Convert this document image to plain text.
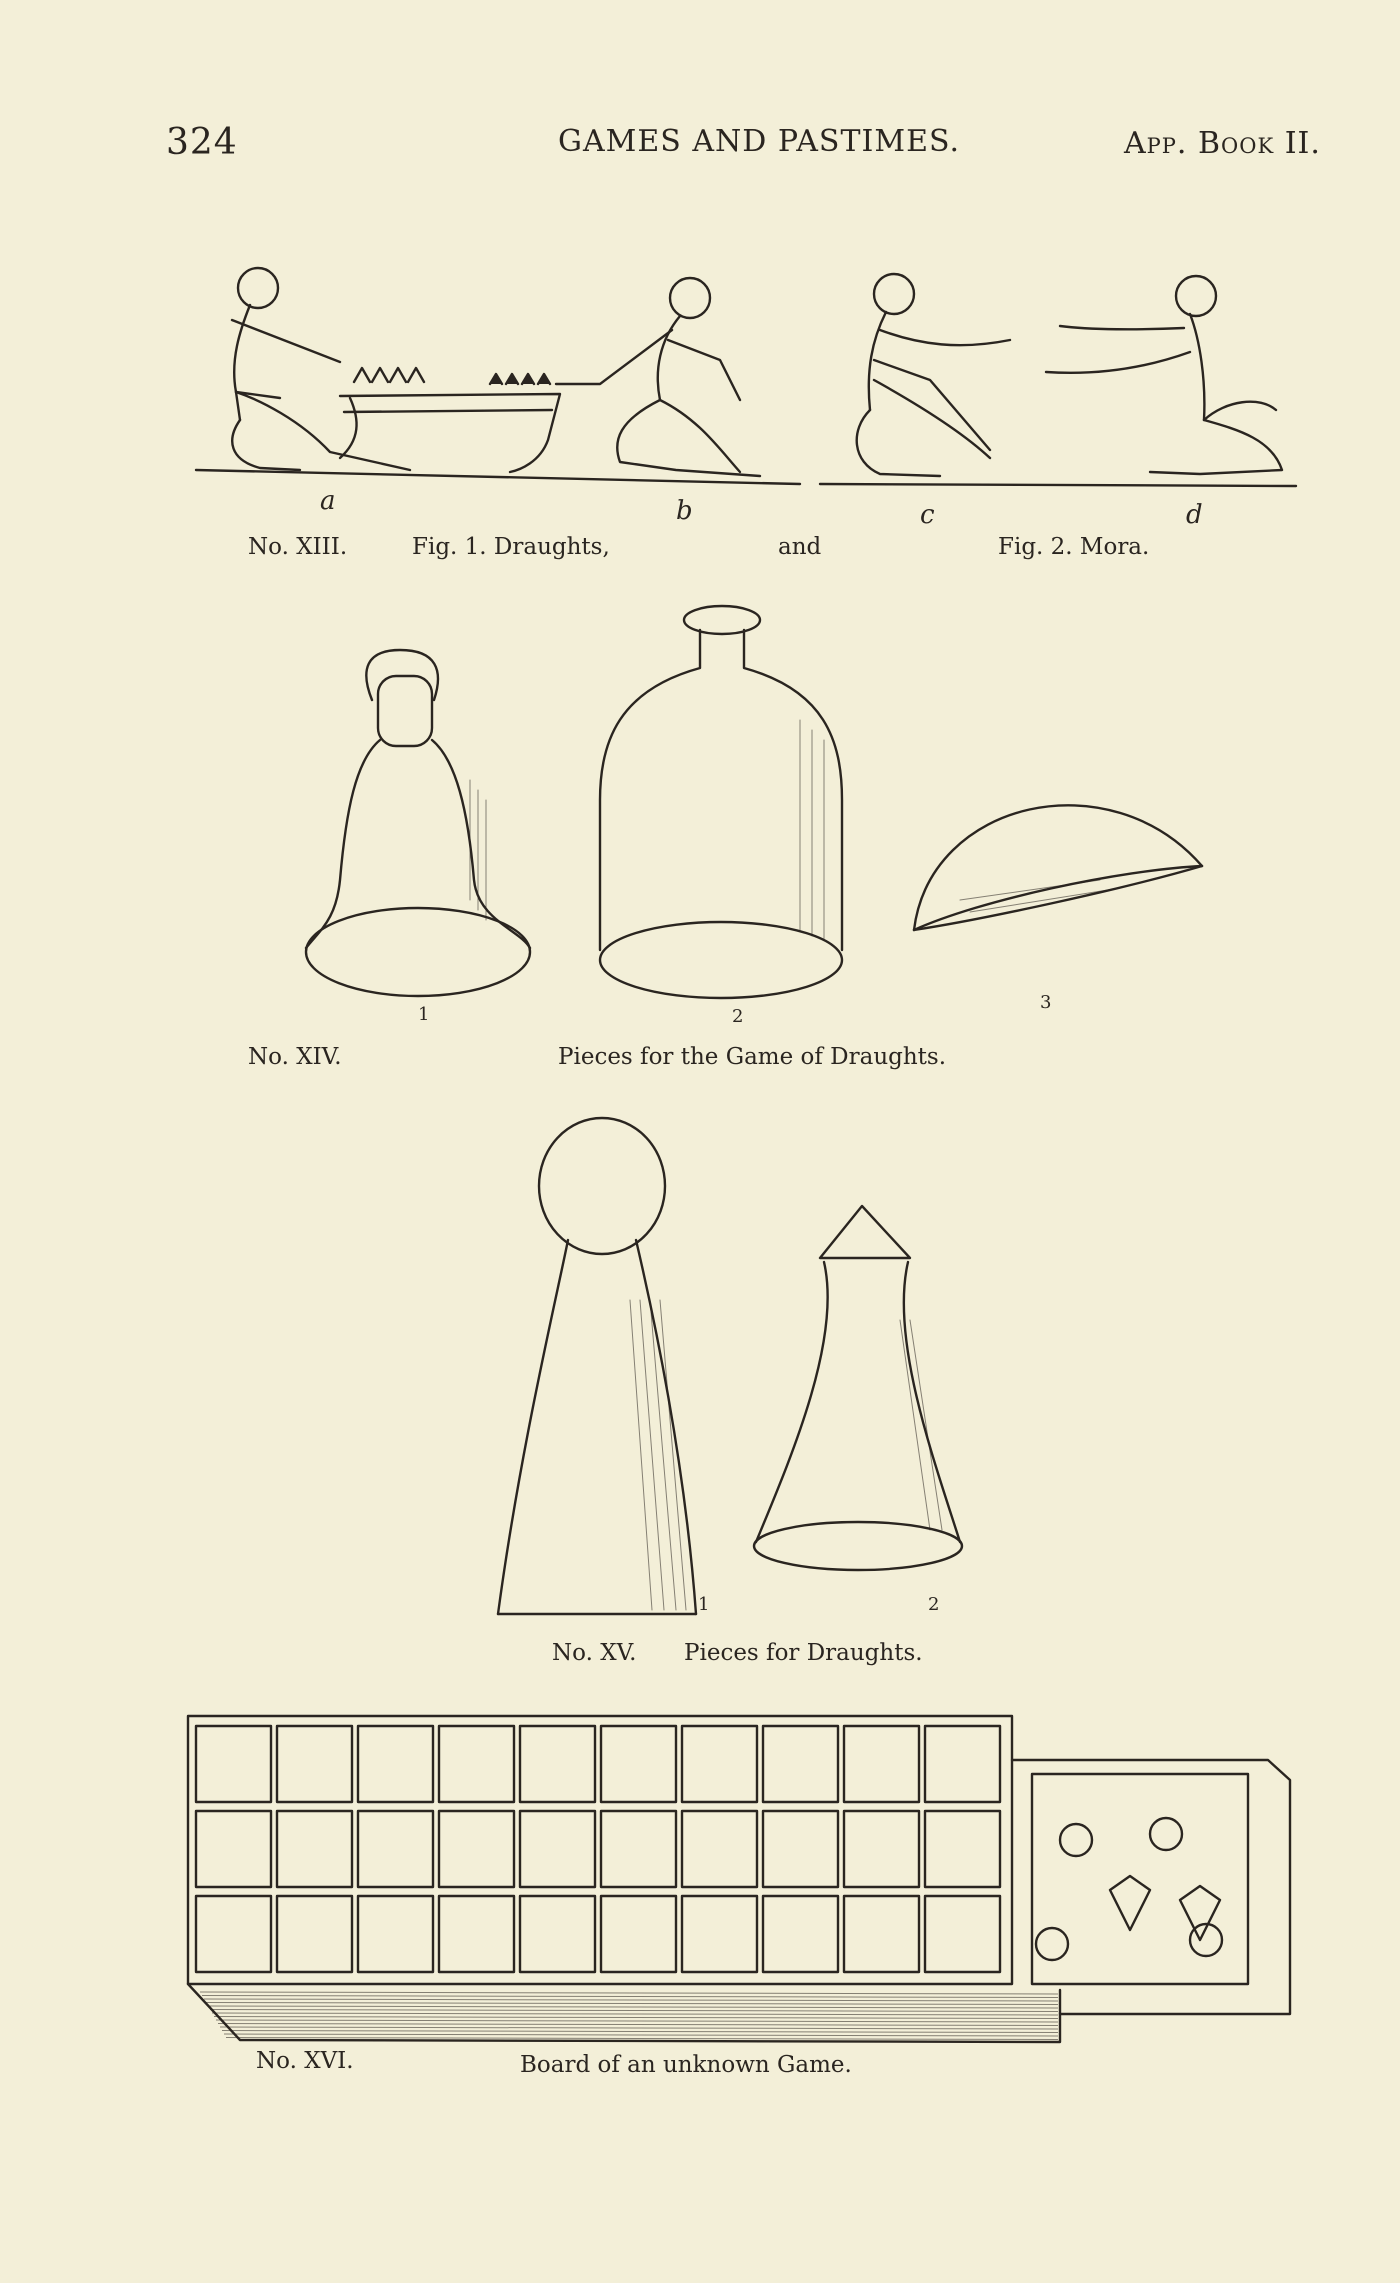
324	GAMES AND PASTIMES.	App. Book II.
a	b	c	d
No. XIII.	Fig. 1. Draughts,	and	Fig. 2. Mora.
1	2
3
No. XIV.	Pieces for the Game of Draughts.
1	2
No. XV. Pieces for Draughts.
No. XVI.	Board of an unknown Game.
